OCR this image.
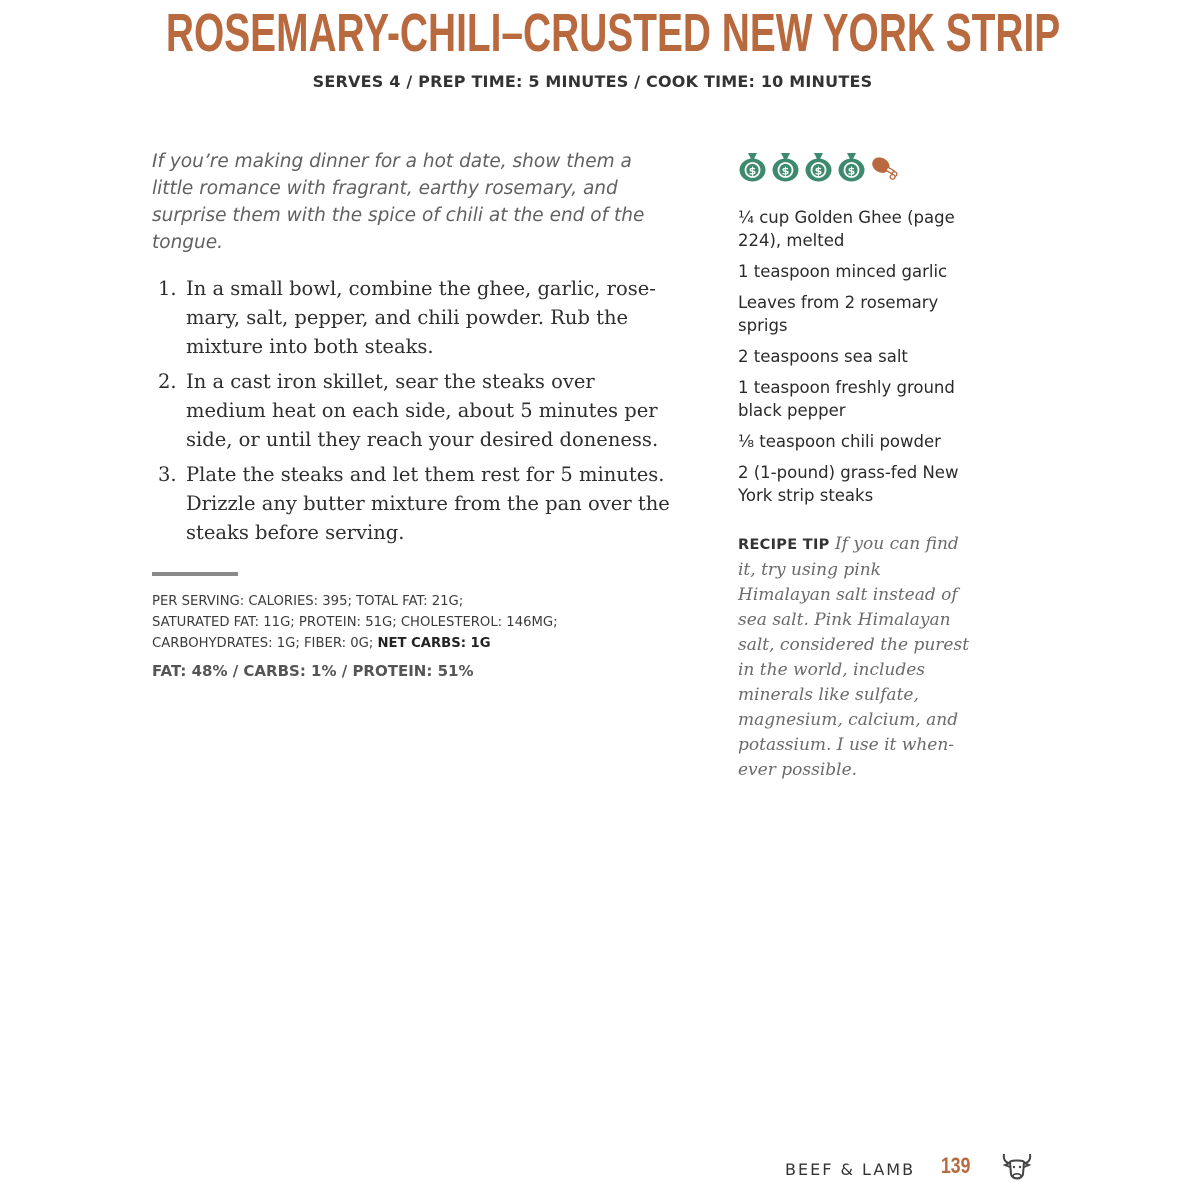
ROSEMARY-CHILI–CRUSTED NEW YORK STRIP
SERVES 4 / PREP TIME: 5 MINUTES / COOK TIME: 10 MINUTES
If you’re making dinner for a hot date, show them a little romance with fragrant, earthy rosemary, and surprise them with the spice of chili at the end of the tongue.
1. In a small bowl, combine the ghee, garlic, rose-mary, salt, pepper, and chili powder. Rub the mixture into both steaks.
2. In a cast iron skillet, sear the steaks over medium heat on each side, about 5 minutes per side, or until they reach your desired doneness.
3. Plate the steaks and let them rest for 5 minutes. Drizzle any butter mixture from the pan over the steaks before serving.
PER SERVING: CALORIES: 395; TOTAL FAT: 21G;
SATURATED FAT: 11G; PROTEIN: 51G; CHOLESTEROL: 146MG;
CARBOHYDRATES: 1G; FIBER: 0G; NET CARBS: 1G
FAT: 48% / CARBS: 1% / PROTEIN: 51%
$ $ $ $
¼ cup Golden Ghee (page 224), melted
1 teaspoon minced garlic
Leaves from 2 rosemary sprigs
2 teaspoons sea salt
1 teaspoon freshly ground black pepper
⅛ teaspoon chili powder
2 (1-pound) grass-fed New York strip steaks
RECIPE TIP If you can find it, try using pink Himalayan salt instead of sea salt. Pink Himalayan salt, considered the purest in the world, includes minerals like sulfate, magnesium, calcium, and potassium. I use it when-ever possible.
BEEF & LAMB 139
